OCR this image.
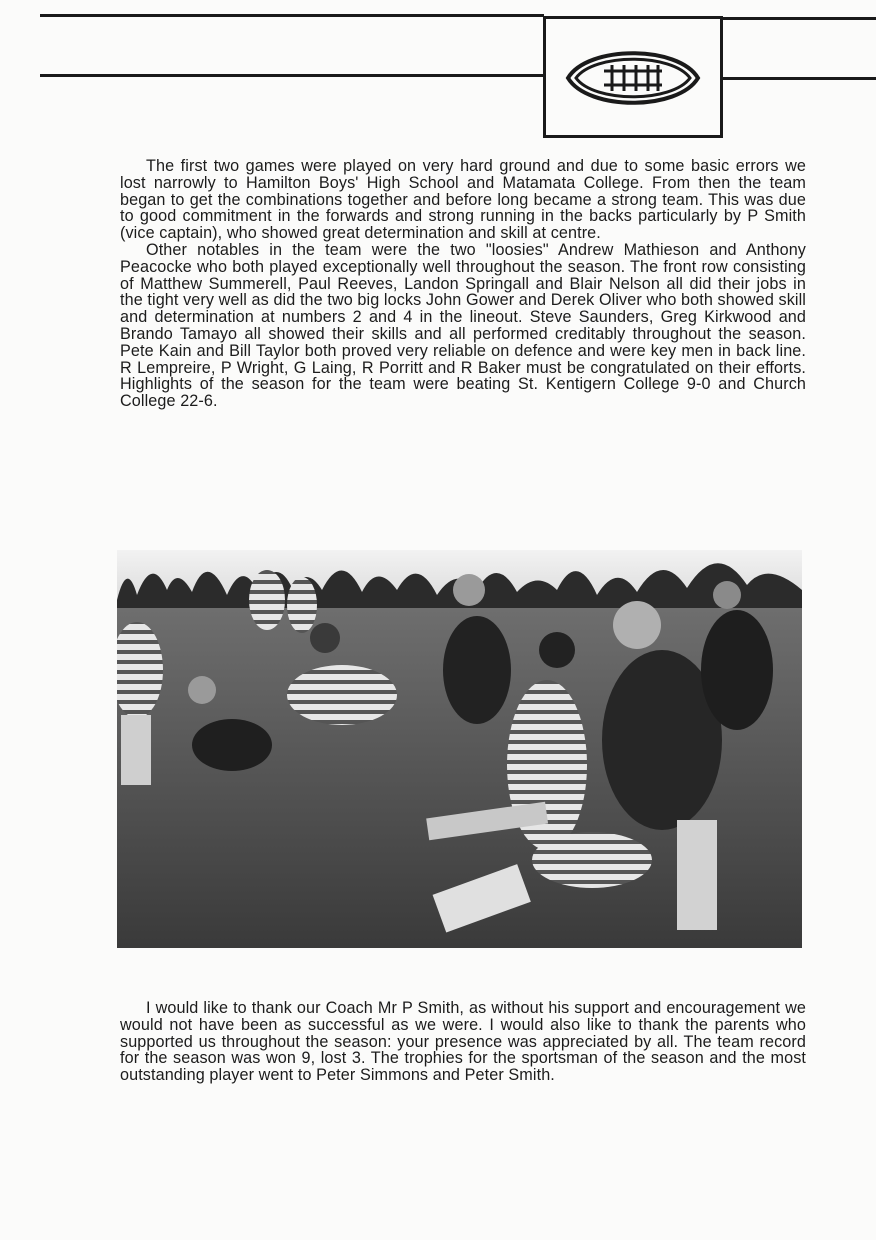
The first two games were played on very hard ground and due to some basic errors we lost narrowly to Hamilton Boys' High School and Matamata College. From then the team began to get the combinations together and before long became a strong team. This was due to good commitment in the forwards and strong running in the backs particularly by P Smith (vice captain), who showed great determination and skill at centre.
Other notables in the team were the two "loosies" Andrew Mathieson and Anthony Peacocke who both played exceptionally well throughout the season. The front row consisting of Matthew Summerell, Paul Reeves, Landon Springall and Blair Nelson all did their jobs in the tight very well as did the two big locks John Gower and Derek Oliver who both showed skill and determination at numbers 2 and 4 in the lineout. Steve Saunders, Greg Kirkwood and Brando Tamayo all showed their skills and all performed creditably throughout the season. Pete Kain and Bill Taylor both proved very reliable on defence and were key men in back line. R Lempreire, P Wright, G Laing, R Porritt and R Baker must be congratulated on their efforts. Highlights of the season for the team were beating St. Kentigern College 9-0 and Church College 22-6.

I would like to thank our Coach Mr P Smith, as without his support and encouragement we would not have been as successful as we were. I would also like to thank the parents who supported us throughout the season: your presence was appreciated by all. The team record for the season was won 9, lost 3. The trophies for the sportsman of the season and the most outstanding player went to Peter Simmons and Peter Smith.
